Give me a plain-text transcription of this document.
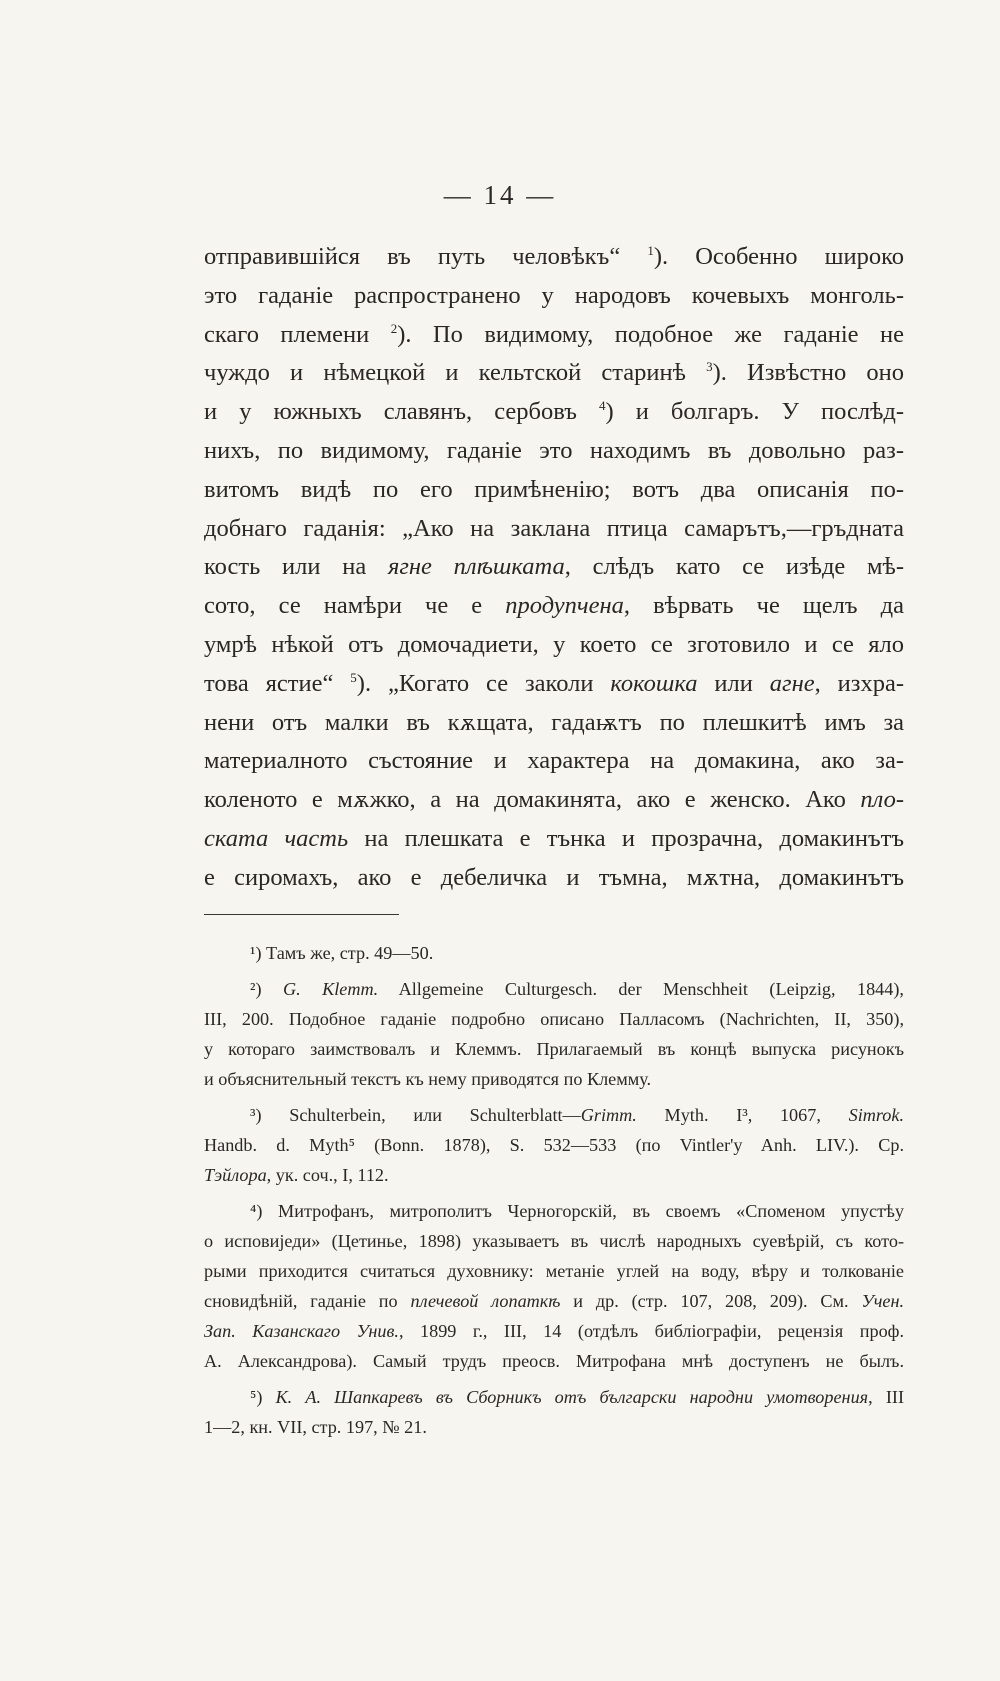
— 14 —
отправившійся въ путь человѣкъ“ $^1$). Особенно широко
это гаданіе распространено у народовъ кочевыхъ монголь-
скаго племени $^2$). По видимому, подобное же гаданіе не
чуждо и нѣмецкой и кельтской старинѣ $^3$). Извѣстно оно
и у южныхъ славянъ, сербовъ $^4$) и болгаръ. У послѣд-
нихъ, по видимому, гаданіе это находимъ въ довольно раз-
витомъ видѣ по его примѣненію; вотъ два описанія по-
добнаго гаданія: „Ако на заклана птица самарътъ,—гръдната
кость или на ягне плѣшката, слѣдъ като се изѣде мѣ-
сото, се намѣри че е продупчена, вѣрвать че щелъ да
умрѣ нѣкой отъ домочадиети, у което се зготовило и се яло
това ястие“ $^5$). „Когато се заколи кокошка или агне, изхра-
нени отъ малки въ кѫщата, гадаѭтъ по плешкитѣ имъ за
материалното състояние и характера на домакина, ако за-
коленото е мѫжко, а на домакинята, ако е женско. Ако пло-
ската часть на плешката е тънка и прозрачна, домакинътъ
е сиромахъ, ако е дебеличка и тъмна, мѫтна, домакинътъ
¹) Тамъ же, стр. 49—50.
²) G. Klemm. Allgemeine Culturgesch. der Menschheit (Leipzig, 1844),
III, 200. Подобное гаданіе подробно описано Палласомъ (Nachrichten, II, 350),
у котораго заимствовалъ и Клеммъ. Прилагаемый въ концѣ выпуска рисунокъ
и объяснительный текстъ къ нему приводятся по Клемму.
³) Schulterbein, или Schulterblatt—Grimm. Myth. I³, 1067, Simrok.
Handb. d. Myth⁵ (Bonn. 1878), S. 532—533 (по Vintler'y Anh. LIV.). Ср.
Тэйлора, ук. соч., I, 112.
⁴) Митрофанъ, митрополитъ Черногорскій, въ своемъ «Споменом упустѣу
о исповиједи» (Цетинье, 1898) указываетъ въ числѣ народныхъ суевѣрій, съ кото-
рыми приходится считаться духовнику: метаніе углей на воду, вѣру и толкованіе
сновидѣній, гаданіе по плечевой лопаткѣ и др. (стр. 107, 208, 209). См. Учен.
Зап. Казанскаго Унив., 1899 г., III, 14 (отдѣлъ библіографіи, рецензія проф.
А. Александрова). Самый трудъ преосв. Митрофана мнѣ доступенъ не былъ.
⁵) К. А. Шапкаревъ въ Сборникъ отъ български народни умотворения, III
1—2, кн. VII, стр. 197, № 21.
